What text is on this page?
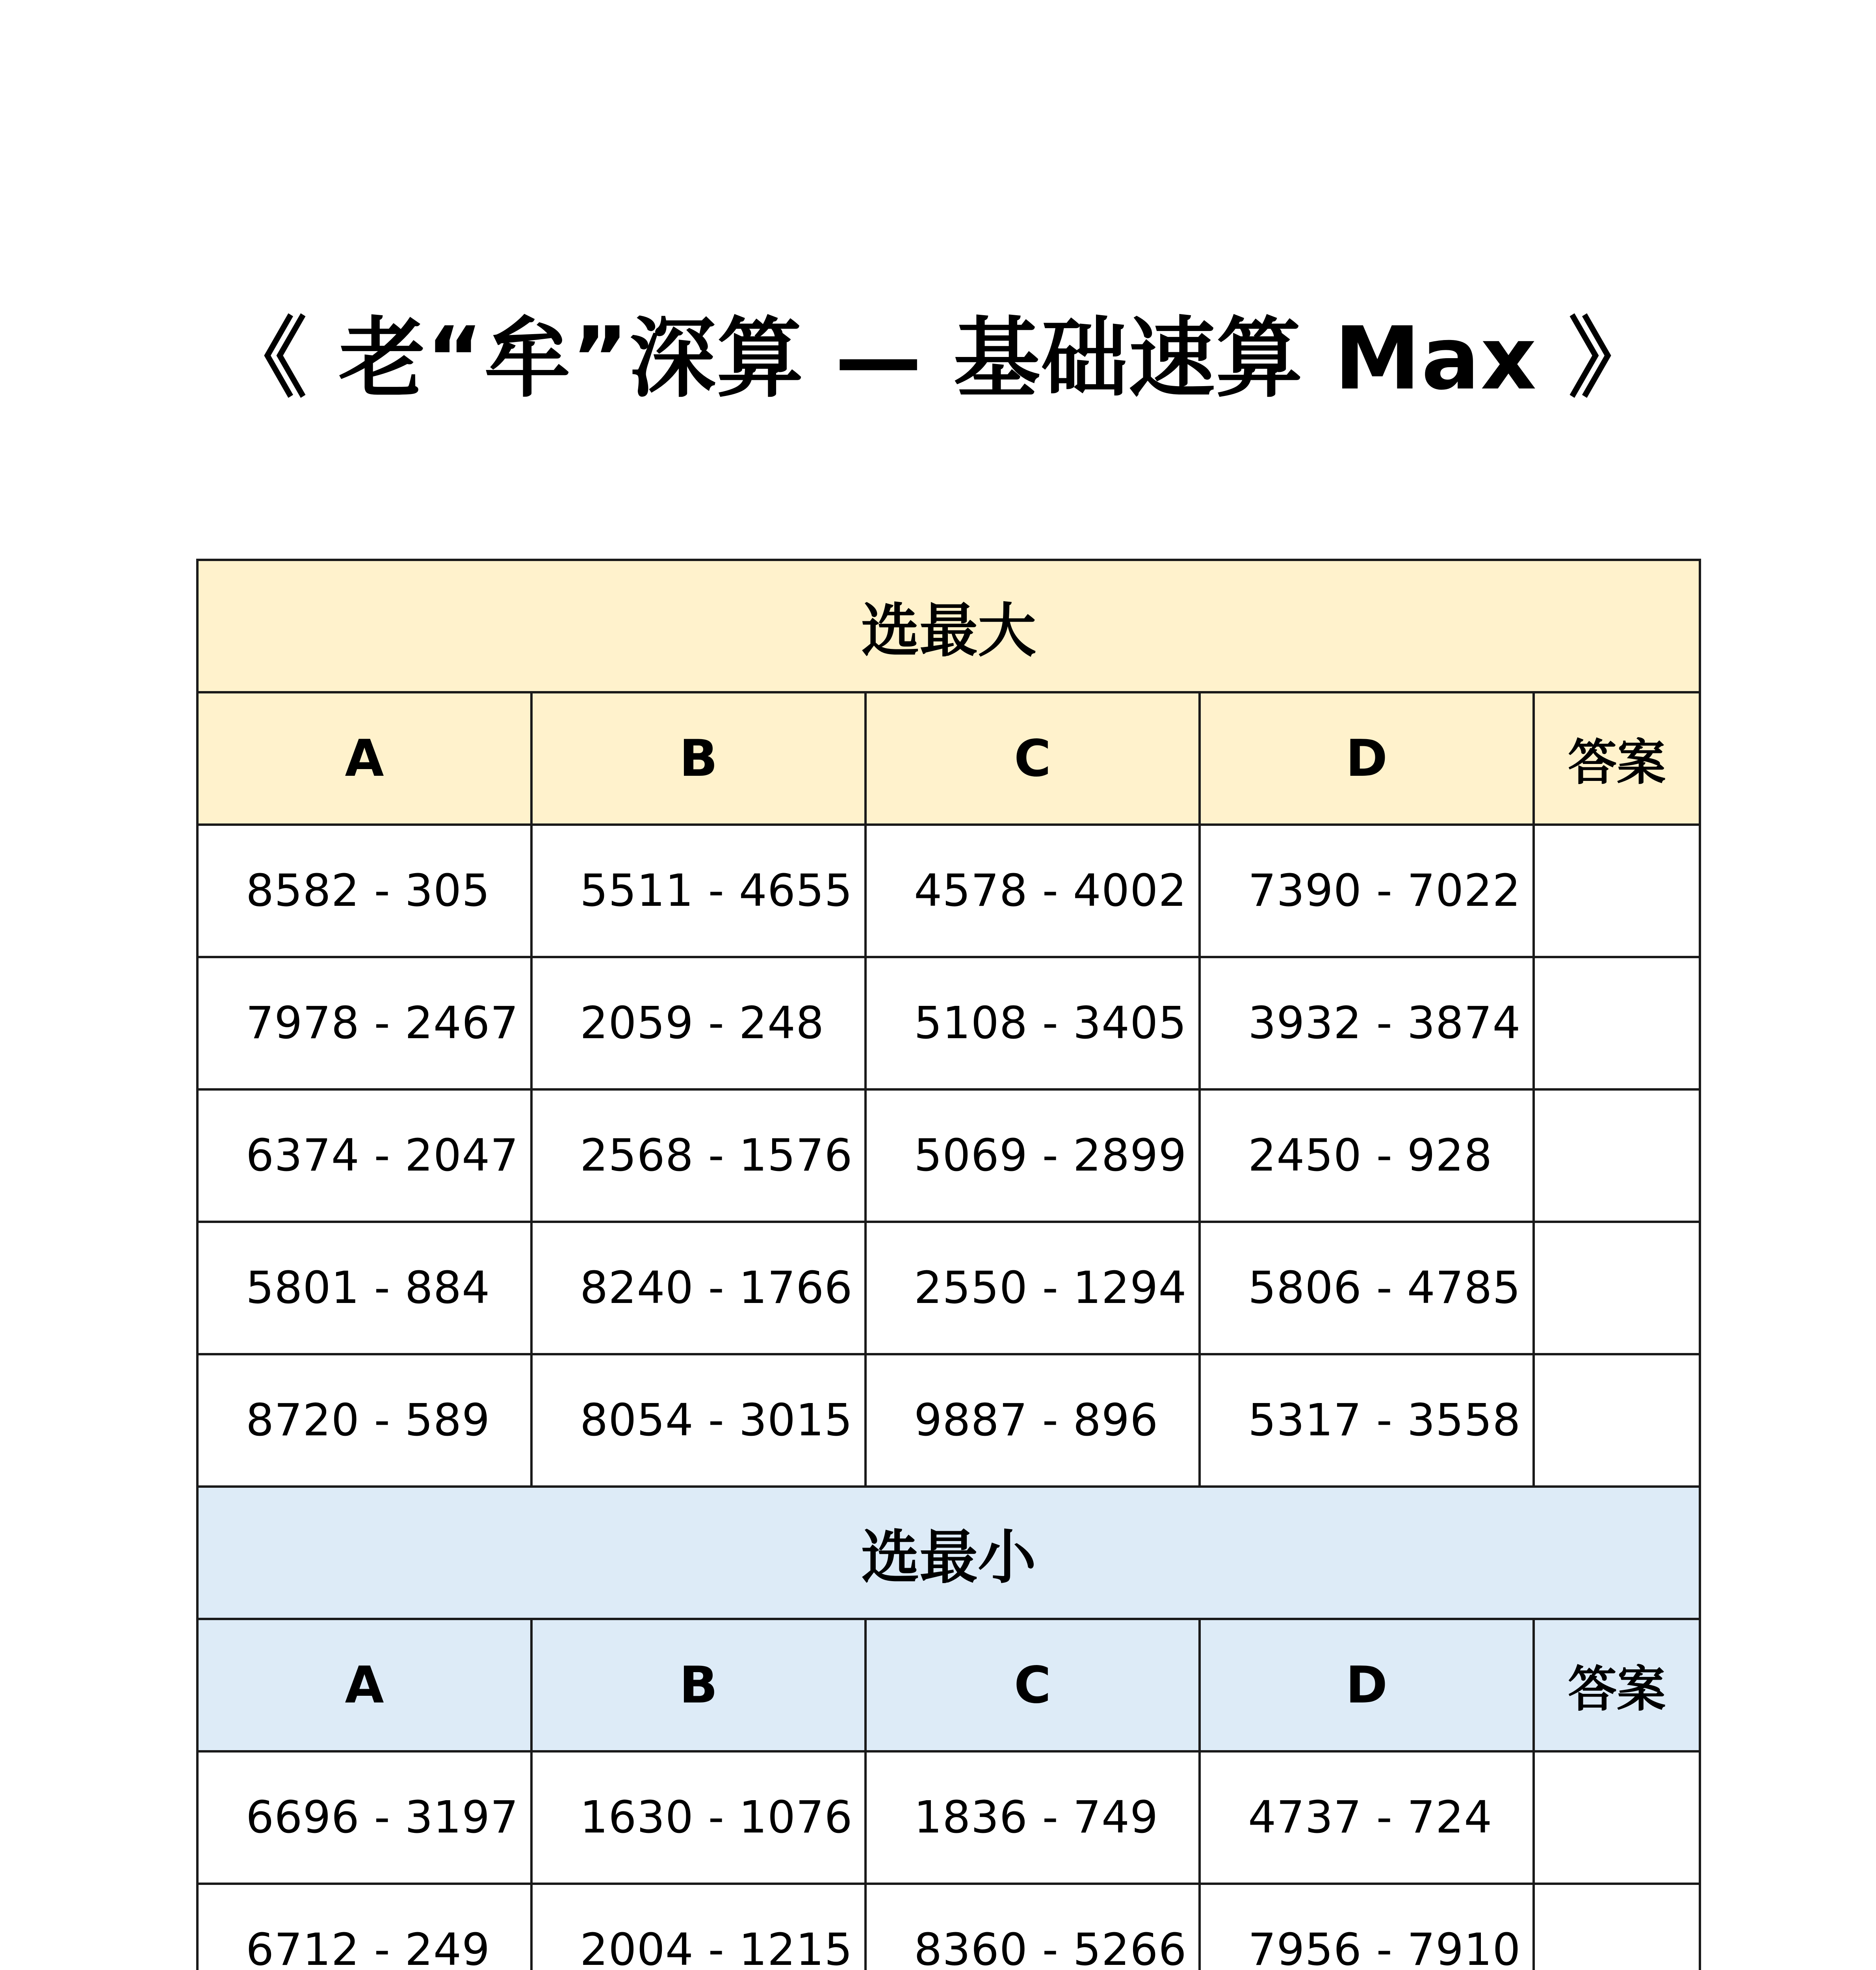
《 老“牟”深算 — 基础速算 Max 》
选最大				
A	B	C	D	答案
8582 - 305	5511 - 4655	4578 - 4002	7390 - 7022	
7978 - 2467	2059 - 248	5108 - 3405	3932 - 3874	
6374 - 2047	2568 - 1576	5069 - 2899	2450 - 928	
5801 - 884	8240 - 1766	2550 - 1294	5806 - 4785	
8720 - 589	8054 - 3015	9887 - 896	5317 - 3558	
选最小				
A	B	C	D	答案
6696 - 3197	1630 - 1076	1836 - 749	4737 - 724	
6712 - 249	2004 - 1215	8360 - 5266	7956 - 7910	
